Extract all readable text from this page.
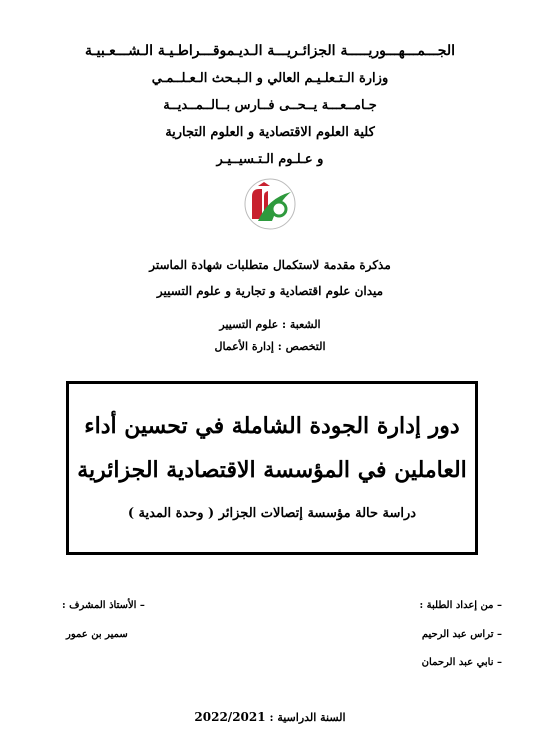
الجـــمـــهـــوريـــــة الجزائـريـــة الـديـموقـــراطـيـة الـشـــعـبيـة
وزارة الـتـعلـيـم العالي و الـبـحث الـعـلــمـي
جـامــعـــة يــحــى فــارس بــالــمــديــة
كلية العلوم الاقتصادية و العلوم التجارية
و عـلـوم الـتـسيــيـر
مذكرة مقدمة لاستكمال متطلبات شهادة الماستر
ميدان علوم اقتصادية و تجارية و علوم التسيير
الشعبة : علوم التسيير
التخصص : إدارة الأعمال
دور إدارة الجودة الشاملة في تحسين أداء
العاملين في المؤسسة الاقتصادية الجزائرية
دراسة حالة مؤسسة إتصالات الجزائر ( وحدة المدية )
– من إعداد الطلبة :
– تراس عبد الرحيم
– نابي عبد الرحمان
– الأستاذ المشرف :
سمير بن عمور
السنة الدراسية : 2022/2021
